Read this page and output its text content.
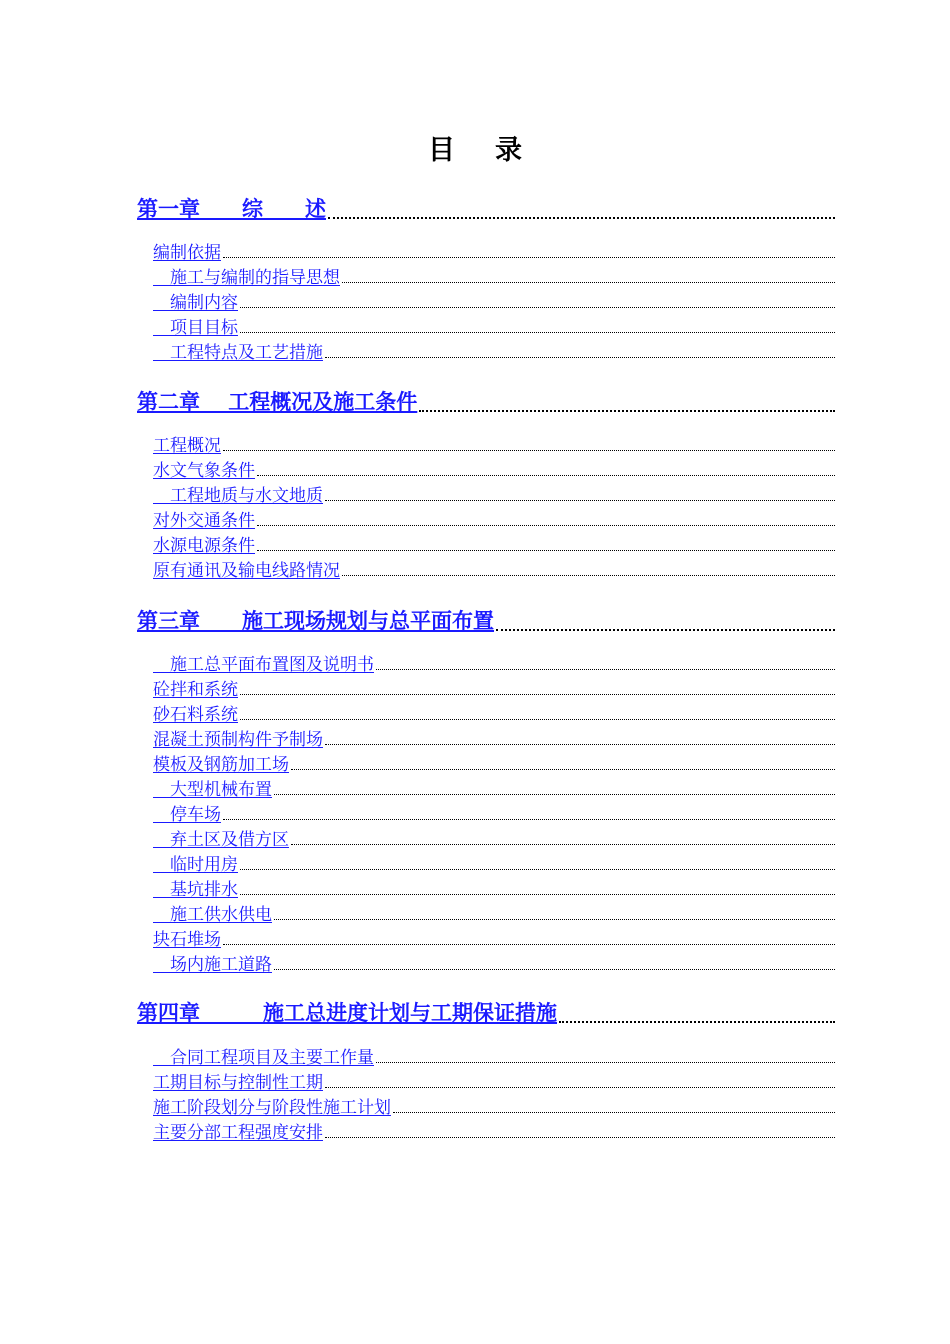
目 录
第一章　　综　　述
编制依据
　施工与编制的指导思想
　编制内容
　项目目标
　工程特点及工艺措施
第二章　 工程概况及施工条件
工程概况
水文气象条件
　工程地质与水文地质
对外交通条件
水源电源条件
原有通讯及输电线路情况
第三章　　施工现场规划与总平面布置
　施工总平面布置图及说明书
砼拌和系统
砂石料系统
混凝土预制构件予制场
模板及钢筋加工场
　大型机械布置
　停车场
　弃土区及借方区
　临时用房
　基坑排水
　施工供水供电
块石堆场
　场内施工道路
第四章　　　施工总进度计划与工期保证措施
　合同工程项目及主要工作量
工期目标与控制性工期
施工阶段划分与阶段性施工计划
主要分部工程强度安排
